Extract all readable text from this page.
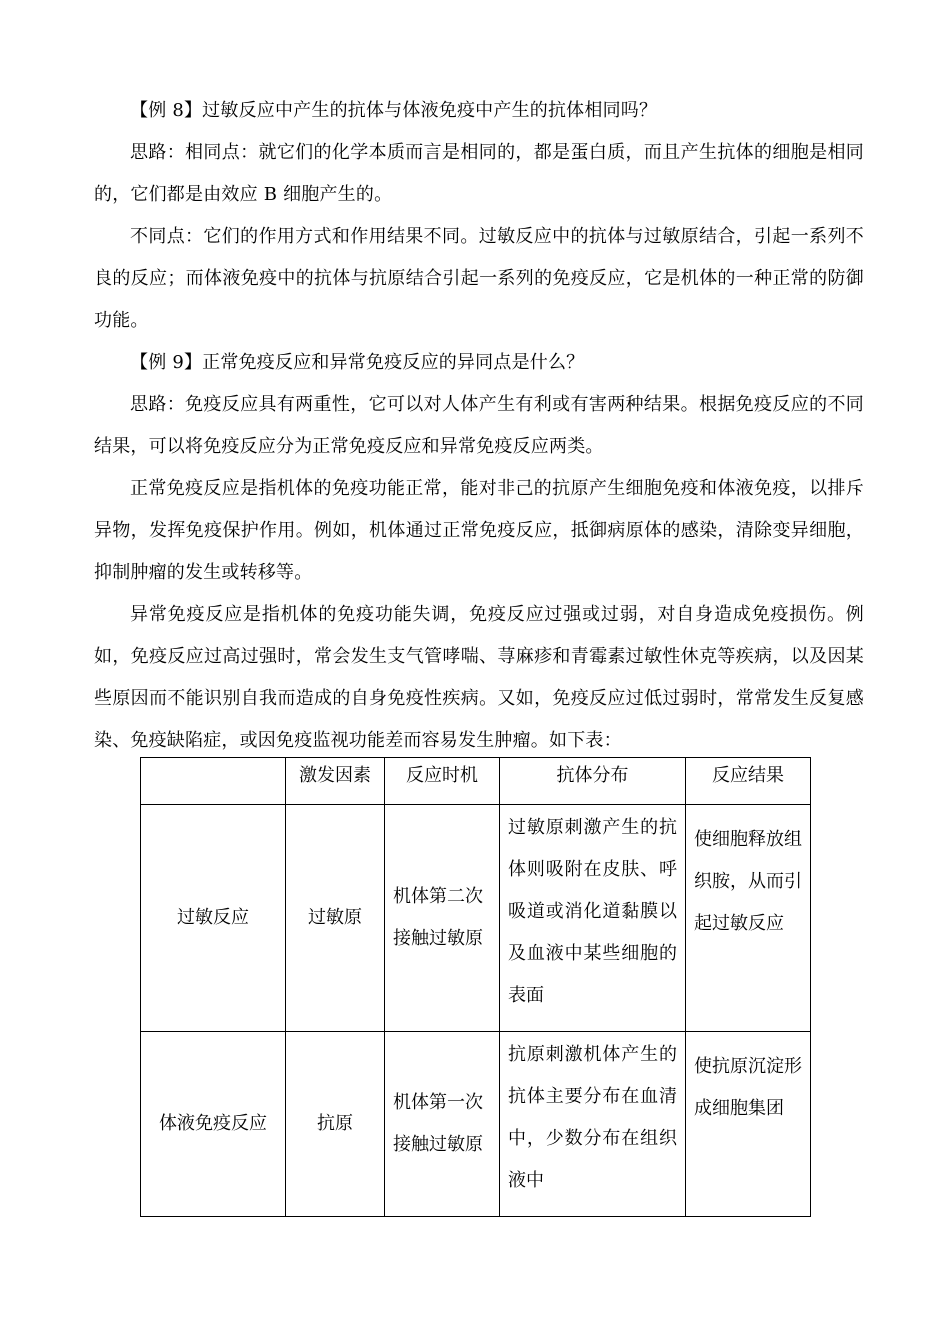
【例 8】过敏反应中产生的抗体与体液免疫中产生的抗体相同吗？

思路：相同点：就它们的化学本质而言是相同的，都是蛋白质，而且产生抗体的细胞是相同的，它们都是由效应 B 细胞产生的。

不同点：它们的作用方式和作用结果不同。过敏反应中的抗体与过敏原结合，引起一系列不良的反应；而体液免疫中的抗体与抗原结合引起一系列的免疫反应，它是机体的一种正常的防御功能。

【例 9】正常免疫反应和异常免疫反应的异同点是什么？

思路：免疫反应具有两重性，它可以对人体产生有利或有害两种结果。根据免疫反应的不同结果，可以将免疫反应分为正常免疫反应和异常免疫反应两类。

正常免疫反应是指机体的免疫功能正常，能对非己的抗原产生细胞免疫和体液免疫，以排斥异物，发挥免疫保护作用。例如，机体通过正常免疫反应，抵御病原体的感染，清除变异细胞，抑制肿瘤的发生或转移等。

异常免疫反应是指机体的免疫功能失调，免疫反应过强或过弱，对自身造成免疫损伤。例如，免疫反应过高过强时，常会发生支气管哮喘、荨麻疹和青霉素过敏性休克等疾病，以及因某些原因而不能识别自我而造成的自身免疫性疾病。又如，免疫反应过低过弱时，常常发生反复感染、免疫缺陷症，或因免疫监视功能差而容易发生肿瘤。如下表：

	激发因素	反应时机	抗体分布	反应结果
过敏反应	过敏原	机体第二次接触过敏原	过敏原刺激产生的抗体则吸附在皮肤、呼吸道或消化道黏膜以及血液中某些细胞的表面	使细胞释放组织胺，从而引起过敏反应
体液免疫反应	抗原	机体第一次接触过敏原	抗原刺激机体产生的抗体主要分布在血清中，少数分布在组织液中	使抗原沉淀形成细胞集团
